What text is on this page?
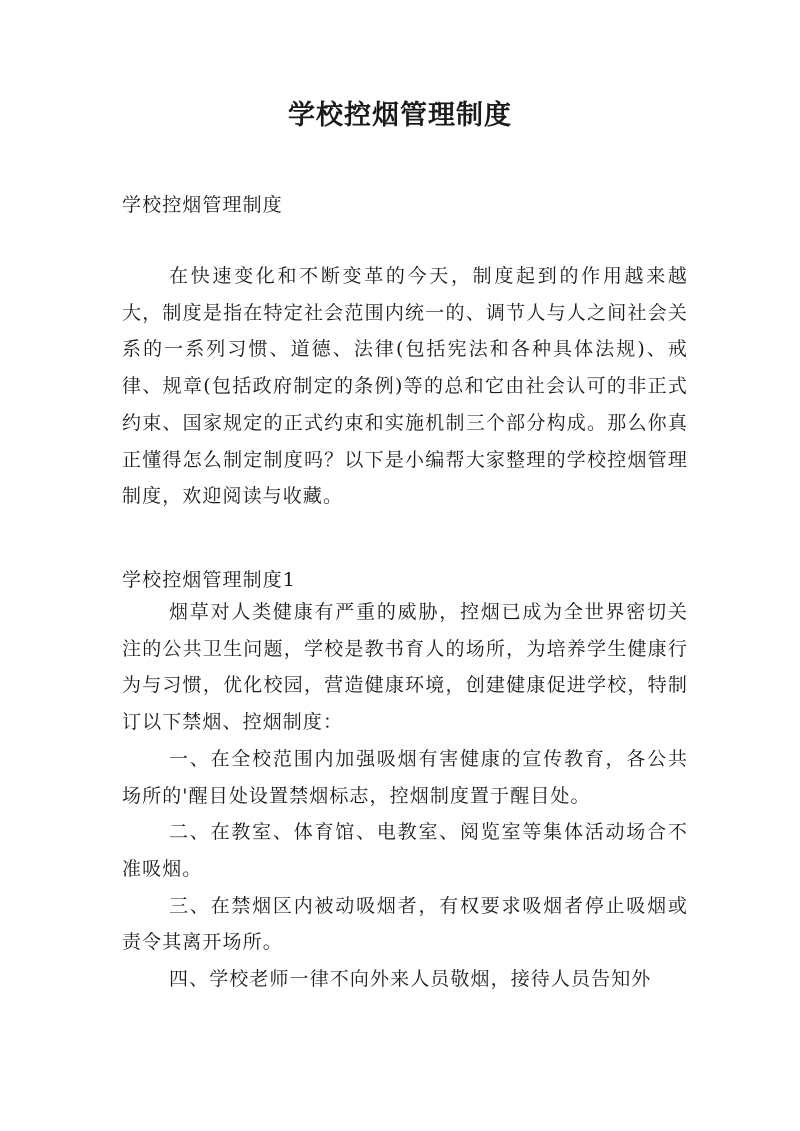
学校控烟管理制度

学校控烟管理制度

在快速变化和不断变革的今天，制度起到的作用越来越大，制度是指在特定社会范围内统一的、调节人与人之间社会关系的一系列习惯、道德、法律(包括宪法和各种具体法规)、戒律、规章(包括政府制定的条例)等的总和它由社会认可的非正式约束、国家规定的正式约束和实施机制三个部分构成。那么你真正懂得怎么制定制度吗？以下是小编帮大家整理的学校控烟管理制度，欢迎阅读与收藏。

学校控烟管理制度1

烟草对人类健康有严重的威胁，控烟已成为全世界密切关注的公共卫生问题，学校是教书育人的场所，为培养学生健康行为与习惯，优化校园，营造健康环境，创建健康促进学校，特制订以下禁烟、控烟制度：

一、在全校范围内加强吸烟有害健康的宣传教育，各公共场所的'醒目处设置禁烟标志，控烟制度置于醒目处。

二、在教室、体育馆、电教室、阅览室等集体活动场合不准吸烟。

三、在禁烟区内被动吸烟者，有权要求吸烟者停止吸烟或责令其离开场所。

四、学校老师一律不向外来人员敬烟，接待人员告知外
